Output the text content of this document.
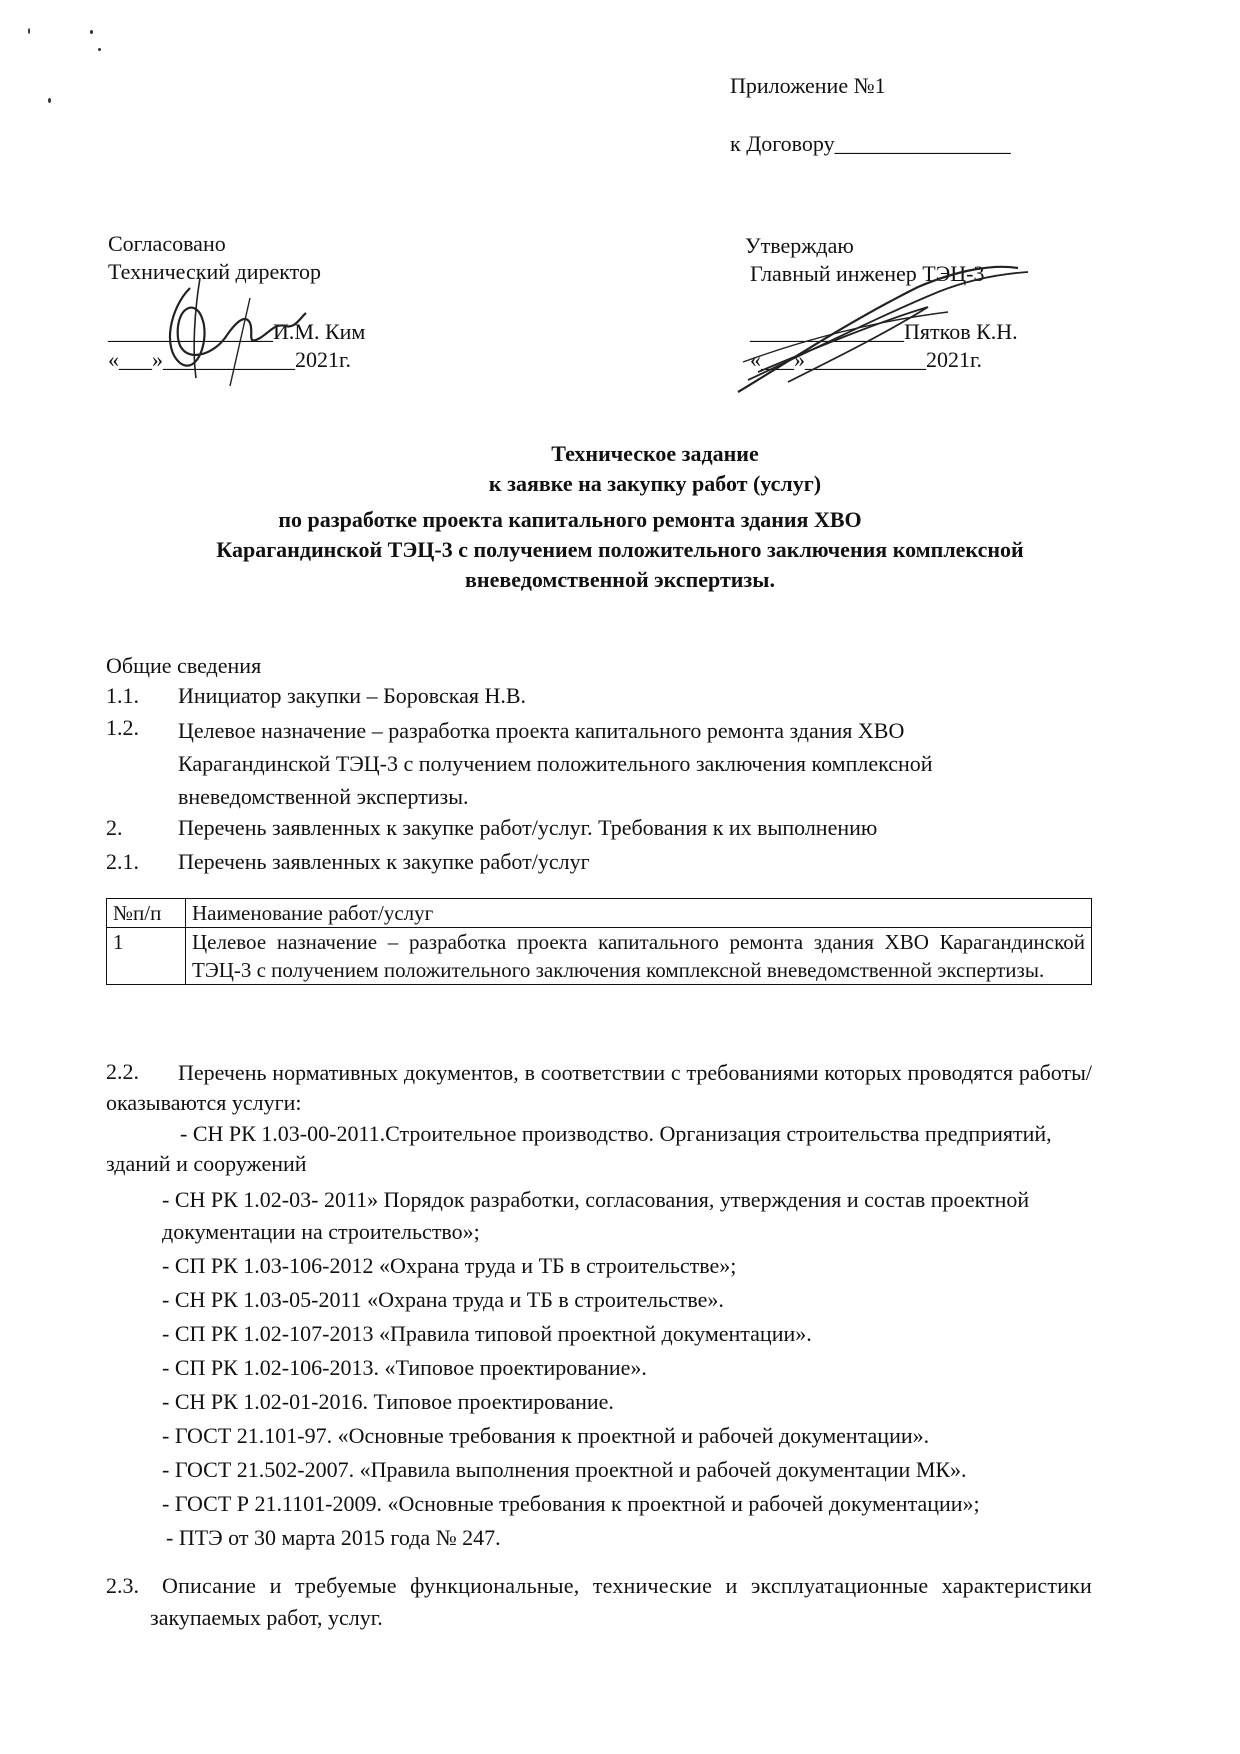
Приложение №1
к Договору________________
Согласовано
Технический директор
_______________И.М. Ким
«___»____________2021г.
Утверждаю
Главный инженер ТЭЦ-3
______________Пятков К.Н.
«___»___________2021г.
Техническое задание
к заявке на закупку работ (услуг)
по разработке проекта капитального ремонта здания ХВО
Карагандинской ТЭЦ-3 с получением положительного заключения комплексной
вневедомственной экспертизы.
Общие сведения
1.1. Инициатор закупки – Боровская Н.В.
1.2. Целевое назначение – разработка проекта капитального ремонта здания ХВО Карагандинской ТЭЦ-3 с получением положительного заключения комплексной вневедомственной экспертизы.
2.	Перечень заявленных к закупке работ/услуг. Требования к их выполнению
2.1. Перечень заявленных к закупке работ/услуг
№п/п	Наименование работ/услуг
1	Целевое назначение – разработка проекта капитального ремонта здания ХВО Карагандинской ТЭЦ-3 с получением положительного заключения комплексной вневедомственной экспертизы.
2.2.	Перечень нормативных документов, в соответствии с требованиями которых проводятся работы/оказываются услуги:
- СН РК 1.03-00-2011.Строительное производство. Организация строительства предприятий,
зданий и сооружений
- СН РК 1.02-03- 2011» Порядок разработки, согласования, утверждения и состав проектной
документации на строительство»;
- СП РК 1.03-106-2012 «Охрана труда и ТБ в строительстве»;
- СН РК 1.03-05-2011 «Охрана труда и ТБ в строительстве».
- СП РК 1.02-107-2013 «Правила типовой проектной документации».
- СП РК 1.02-106-2013. «Типовое проектирование».
- СН РК 1.02-01-2016. Типовое проектирование.
- ГОСТ 21.101-97. «Основные требования к проектной и рабочей документации».
- ГОСТ 21.502-2007. «Правила выполнения проектной и рабочей документации МК».
- ГОСТ Р 21.1101-2009. «Основные требования к проектной и рабочей документации»;
- ПТЭ от 30 марта 2015 года № 247.
2.3. Описание и требуемые функциональные, технические и эксплуатационные характеристики
закупаемых работ, услуг.
